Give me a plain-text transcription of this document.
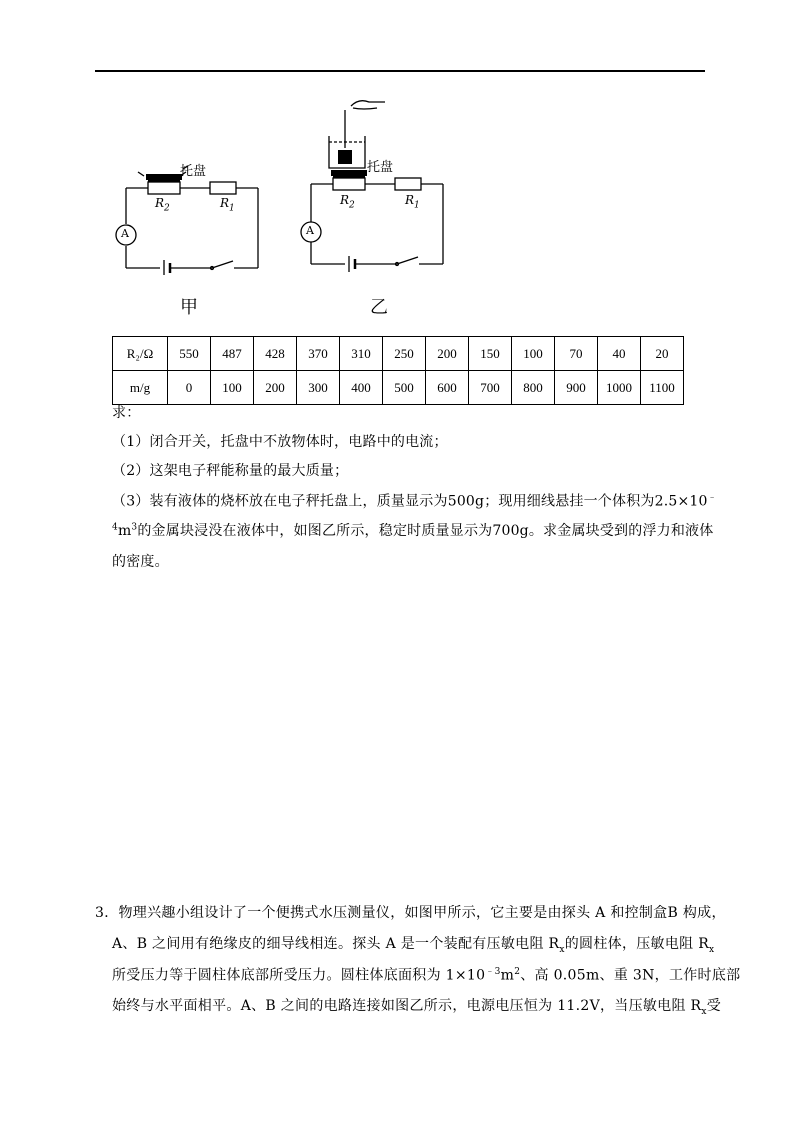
托盘
$R_2$	$R_1$
A
甲
托盘
$R_2$	$R_1$
A
乙
R₂/Ω	550	487	428	370	310	250	200	150	100	70	40	20
m/g	0	100	200	300	400	500	600	700	800	900	1000	1100
求：
（1）闭合开关，托盘中不放物体时，电路中的电流；
（2）这架电子秤能称量的最大质量；
（3）装有液体的烧杯放在电子秤托盘上，质量显示为500g；现用细线悬挂一个体积为2.5×10﹣
$^4m^3$的金属块浸没在液体中，如图乙所示，稳定时质量显示为700g。求金属块受到的浮力和液体
的密度。
3．物理兴趣小组设计了一个便携式水压测量仪，如图甲所示，它主要是由探头 A 和控制盒B 构成，
A、B 之间用有绝缘皮的细导线相连。探头 A 是一个装配有压敏电阻 $R_x$的圆柱体，压敏电阻 $R_x$
所受压力等于圆柱体底部所受压力。圆柱体底面积为 $1\times 10^{﹣3}m^2$、高 0.05m、重 3N，工作时底部
始终与水平面相平。A、B 之间的电路连接如图乙所示，电源电压恒为 11.2V，当压敏电阻 $R_x$受
